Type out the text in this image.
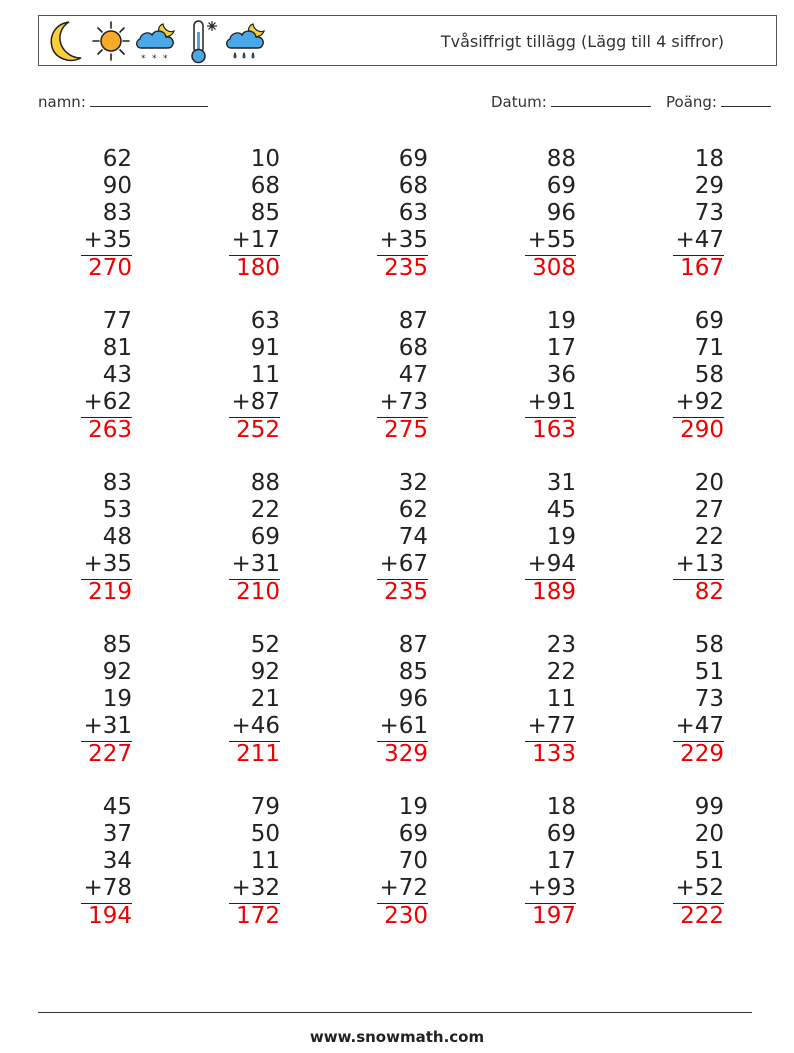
* * *
Tvåsiffrigt tillägg (Lägg till 4 siffror)
namn:	Datum:	Poäng:
62
90
83
+35
270
10
68
85
+17
180
69
68
63
+35
235
88
69
96
+55
308
18
29
73
+47
167
77
81
43
+62
263
63
91
11
+87
252
87
68
47
+73
275
19
17
36
+91
163
69
71
58
+92
290
83
53
48
+35
219
88
22
69
+31
210
32
62
74
+67
235
31
45
19
+94
189
20
27
22
+13
82
85
92
19
+31
227
52
92
21
+46
211
87
85
96
+61
329
23
22
11
+77
133
58
51
73
+47
229
45
37
34
+78
194
79
50
11
+32
172
19
69
70
+72
230
18
69
17
+93
197
99
20
51
+52
222
www.snowmath.com
